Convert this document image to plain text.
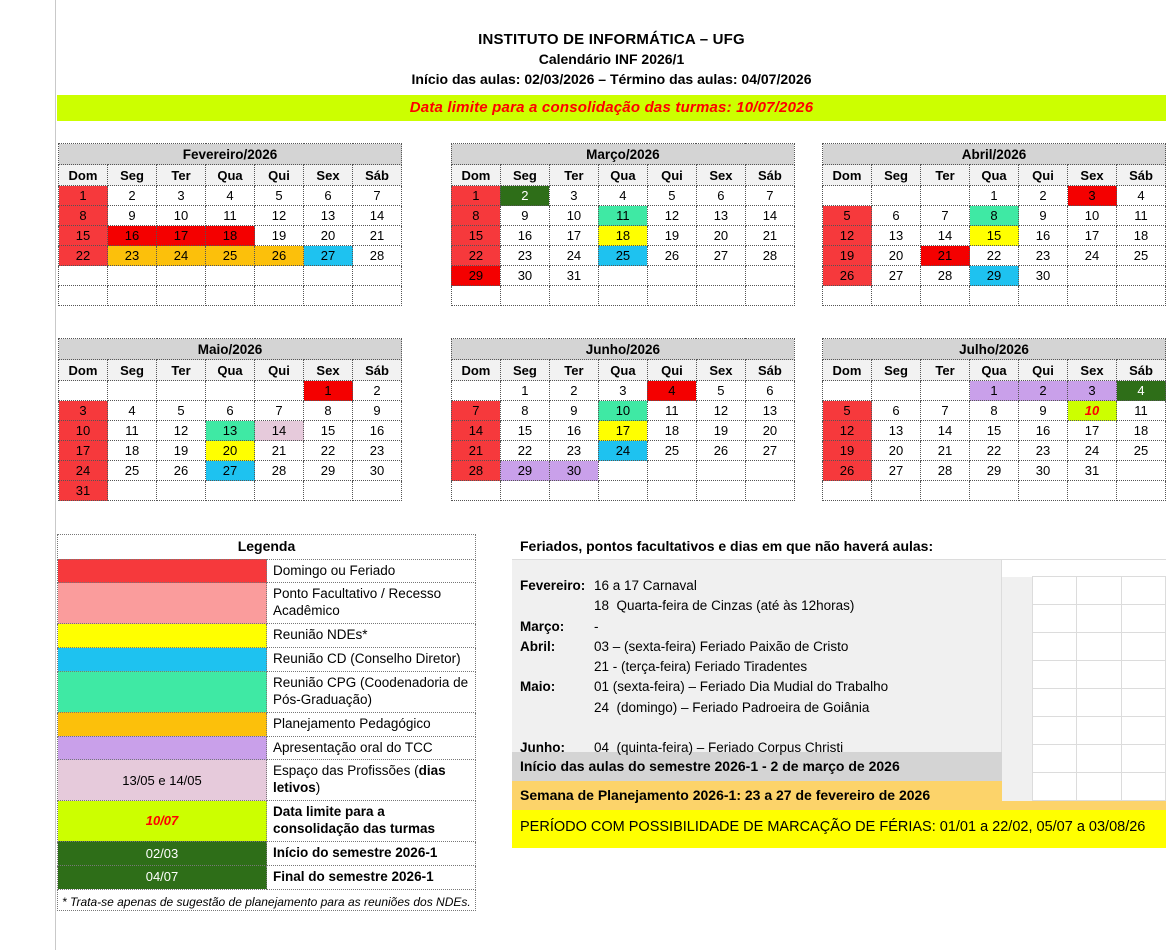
INSTITUTO DE INFORMÁTICA – UFG
Calendário INF 2026/1
Início das aulas: 02/03/2026 – Término das aulas: 04/07/2026
Data limite para a consolidação das turmas: 10/07/2026
Fevereiro/2026						
Dom	Seg	Ter	Qua	Qui	Sex	Sáb
1	2	3	4	5	6	7
8	9	10	11	12	13	14
15	16	17	18	19	20	21
22	23	24	25	26	27	28

Março/2026						
Dom	Seg	Ter	Qua	Qui	Sex	Sáb
1	2	3	4	5	6	7
8	9	10	11	12	13	14
15	16	17	18	19	20	21
22	23	24	25	26	27	28
29	30	31				

Abril/2026						
Dom	Seg	Ter	Qua	Qui	Sex	Sáb
			1	2	3	4
5	6	7	8	9	10	11
12	13	14	15	16	17	18
19	20	21	22	23	24	25
26	27	28	29	30		

Maio/2026						
Dom	Seg	Ter	Qua	Qui	Sex	Sáb
					1	2
3	4	5	6	7	8	9
10	11	12	13	14	15	16
17	18	19	20	21	22	23
24	25	26	27	28	29	30
31						
Junho/2026						
Dom	Seg	Ter	Qua	Qui	Sex	Sáb
	1	2	3	4	5	6
7	8	9	10	11	12	13
14	15	16	17	18	19	20
21	22	23	24	25	26	27
28	29	30				

Julho/2026						
Dom	Seg	Ter	Qua	Qui	Sex	Sáb
			1	2	3	4
5	6	7	8	9	10	11
12	13	14	15	16	17	18
19	20	21	22	23	24	25
26	27	28	29	30	31	

Legenda	
	Domingo ou Feriado
	Ponto Facultativo / Recesso Acadêmico
	Reunião NDEs*
	Reunião CD (Conselho Diretor)
	Reunião CPG (Coodenadoria de Pós-Graduação)
	Planejamento Pedagógico
	Apresentação oral do TCC
13/05 e 14/05	Espaço das Profissões (dias letivos)
10/07	Data limite para a consolidação das turmas
02/03	Início do semestre 2026-1
04/07	Final do semestre 2026-1
* Trata-se apenas de sugestão de planejamento para as reuniões dos NDEs.
Feriados, pontos facultativos e dias em que não haverá aulas:
Fevereiro: 16 a 17 Carnaval
18  Quarta-feira de Cinzas (até às 12horas)
Março: -
Abril:	03 – (sexta-feira) Feriado Paixão de Cristo
21 - (terça-feira) Feriado Tiradentes
Maio:	01 (sexta-feira) – Feriado Dia Mudial do Trabalho
24  (domingo) – Feriado Padroeira de Goiânia

Junho: 04  (quinta-feira) – Feriado Corpus Christi
Início das aulas do semestre 2026-1 - 2 de março de 2026
Semana de Planejamento 2026-1: 23 a 27 de fevereiro de 2026
PERÍODO COM POSSIBILIDADE DE MARCAÇÃO DE FÉRIAS: 01/01 a 22/02, 05/07 a 03/08/26
